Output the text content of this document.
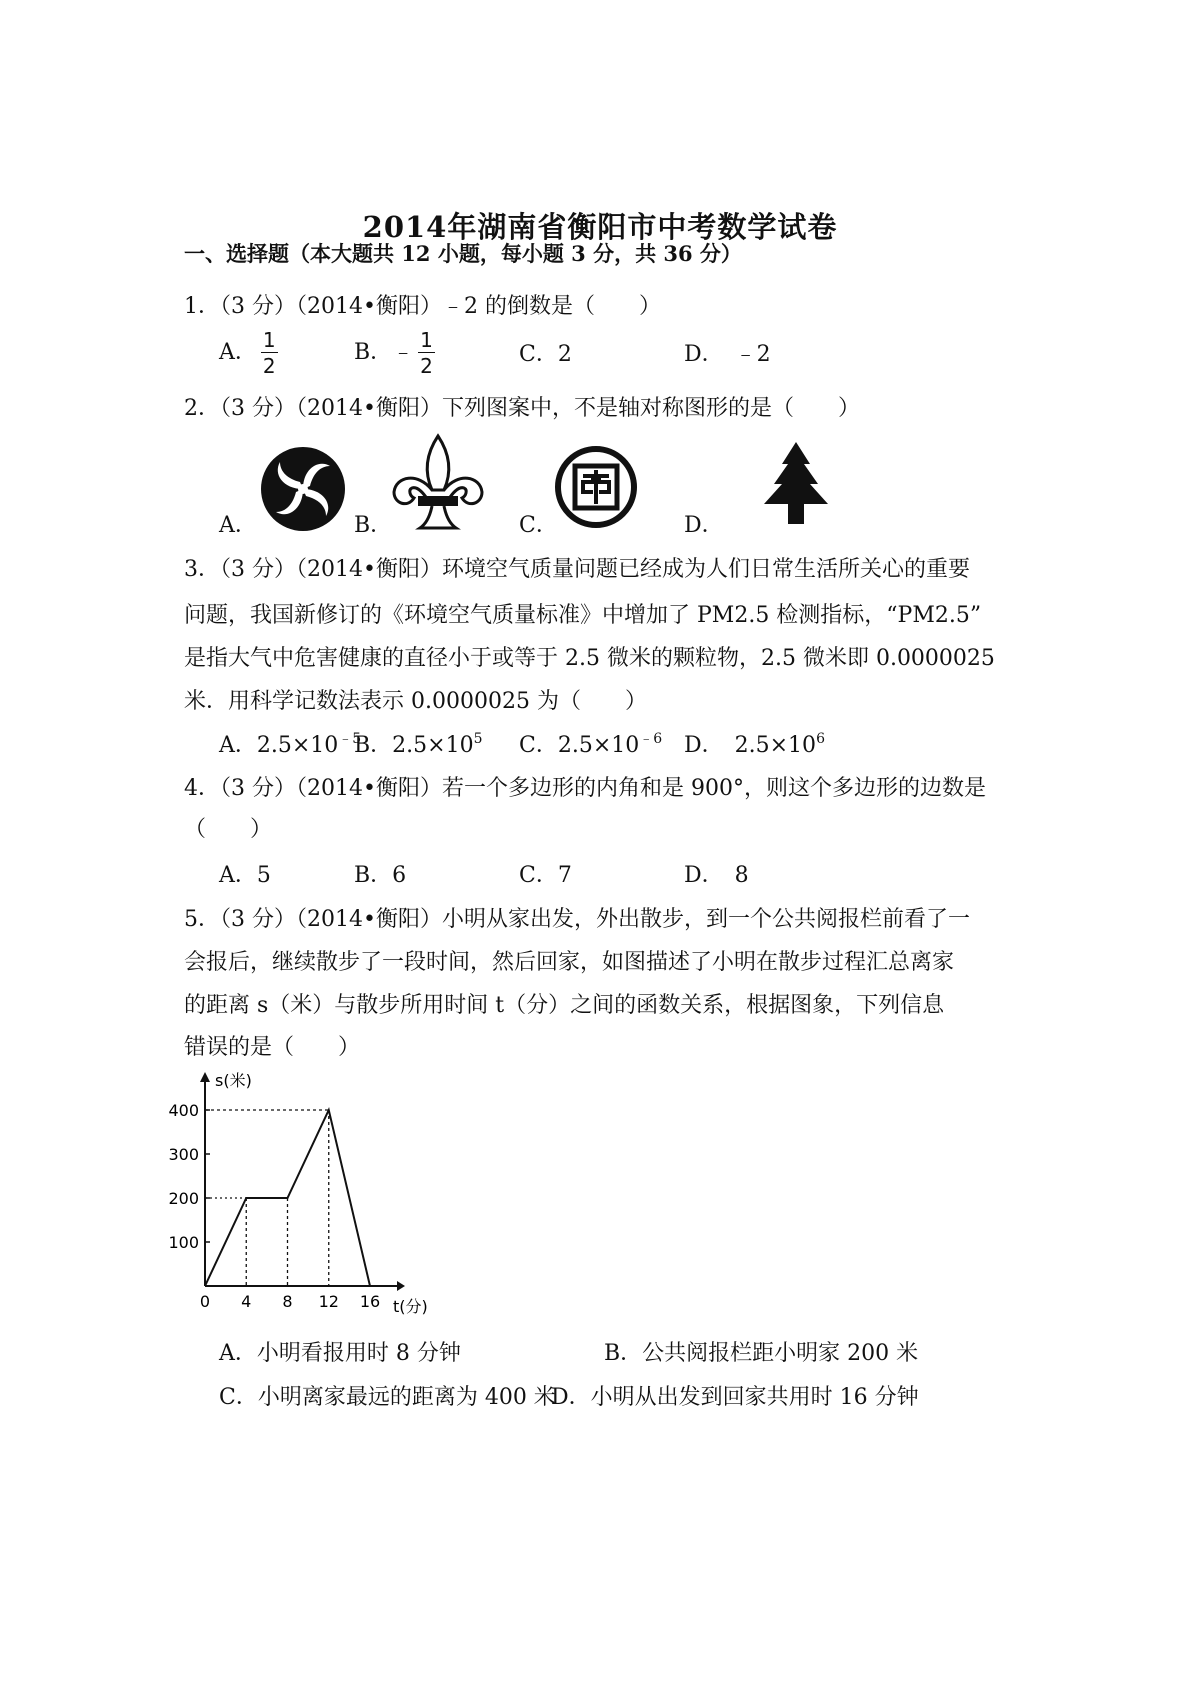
2014年湖南省衡阳市中考数学试卷
一、选择题（本大题共 12 小题，每小题 3 分，共 36 分）
1．（3 分）（2014•衡阳）﹣2 的倒数是（　　）
A． $\frac{1}{2}$	B．﹣ $\frac{1}{2}$	C．2	D．　﹣2
2．（3 分）（2014•衡阳）下列图案中，不是轴对称图形的是（　　）
A．	B．	C．	D．
3．（3 分）（2014•衡阳）环境空气质量问题已经成为人们日常生活所关心的重要
问题，我国新修订的《环境空气质量标准》中增加了 PM2.5 检测指标，“PM2.5”
是指大气中危害健康的直径小于或等于 2.5 微米的颗粒物，2.5 微米即 0.0000025
米．用科学记数法表示 0.0000025 为（　　）
A．$2.5\times 10^{﹣5}$
B．$2.5\times 10^5$ C．$2.5\times 10^{﹣6}$ D．　$2.5\times 10^6$
4．（3 分）（2014•衡阳）若一个多边形的内角和是 900°，则这个多边形的边数是
（　　）
A．5	B．6	C．7	D．　8
5．（3 分）（2014•衡阳）小明从家出发，外出散步，到一个公共阅报栏前看了一
会报后，继续散步了一段时间，然后回家，如图描述了小明在散步过程汇总离家
的距离 s（米）与散步所用时间 t（分）之间的函数关系，根据图象，下列信息
错误的是（　　）
s(米)
t(分)
100
200
300
400
0 4 8 12 16
A．小明看报用时 8 分钟	B．公共阅报栏距小明家 200 米
C．小明离家最远的距离为 400 米
D．小明从出发到回家共用时 16 分钟
